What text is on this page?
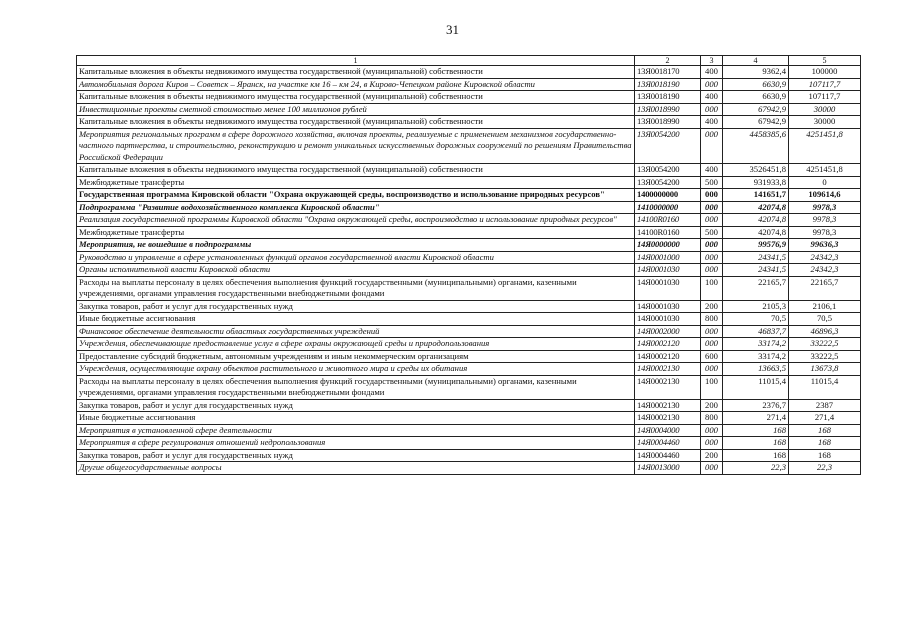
31
1	2	3	4	5
Капитальные вложения в объекты недвижимого имущества государственной (муниципальной) собственности	13Я0018170	400	9362,4	100000
Автомобильная дорога Киров – Советск – Яранск, на участке км 16 – км 24, в Кирово-Чепецком районе Кировской области	13Я0018190	000	6630,9	107117,7
Капитальные вложения в объекты недвижимого имущества государственной (муниципальной) собственности	13Я0018190	400	6630,9	107117,7
Инвестиционные проекты сметной стоимостью менее 100 миллионов рублей	13Я0018990	000	67942,9	30000
Капитальные вложения в объекты недвижимого имущества государственной (муниципальной) собственности	13Я0018990	400	67942,9	30000
Мероприятия региональных программ в сфере дорожного хозяйства, включая проекты, реализуемые с применением механизмов государственно-частного партнерства, и строительство, реконструкцию и ремонт уникальных искусственных дорожных сооружений по решениям Правительства Российской Федерации	13Я0054200	000	4458385,6	4251451,8
Капитальные вложения в объекты недвижимого имущества государственной (муниципальной) собственности	13Я0054200	400	3526451,8	4251451,8
Межбюджетные трансферты	13Я0054200	500	931933,8	0
Государственная программа Кировской области "Охрана окружающей среды, воспроизводство и использование природных ресурсов"	1400000000	000	141651,7	109614,6
Подпрограмма "Развитие водохозяйственного комплекса Кировской области"	1410000000	000	42074,8	9978,3
Реализация государственной программы Кировской области "Охрана окружающей среды, воспроизводство и использование природных ресурсов"	14100R0160	000	42074,8	9978,3
Межбюджетные трансферты	14100R0160	500	42074,8	9978,3
Мероприятия, не вошедшие в подпрограммы	14Я0000000	000	99576,9	99636,3
Руководство и управление в сфере установленных функций органов государственной власти Кировской области	14Я0001000	000	24341,5	24342,3
Органы исполнительной власти Кировской области	14Я0001030	000	24341,5	24342,3
Расходы на выплаты персоналу в целях обеспечения выполнения функций государственными (муниципальными) органами, казенными учреждениями, органами управления государственными внебюджетными фондами	14Я0001030	100	22165,7	22165,7
Закупка товаров, работ и услуг для государственных нужд	14Я0001030	200	2105,3	2106,1
Иные бюджетные ассигнования	14Я0001030	800	70,5	70,5
Финансовое обеспечение деятельности областных государственных учреждений	14Я0002000	000	46837,7	46896,3
Учреждения, обеспечивающие предоставление услуг в сфере охраны окружающей среды и природопользования	14Я0002120	000	33174,2	33222,5
Предоставление субсидий бюджетным, автономным учреждениям и иным некоммерческим организациям	14Я0002120	600	33174,2	33222,5
Учреждения, осуществляющие охрану объектов растительного и животного мира и среды их обитания	14Я0002130	000	13663,5	13673,8
Расходы на выплаты персоналу в целях обеспечения выполнения функций государственными (муниципальными) органами, казенными учреждениями, органами управления государственными внебюджетными фондами	14Я0002130	100	11015,4	11015,4
Закупка товаров, работ и услуг для государственных нужд	14Я0002130	200	2376,7	2387
Иные бюджетные ассигнования	14Я0002130	800	271,4	271,4
Мероприятия в установленной сфере деятельности	14Я0004000	000	168	168
Мероприятия в сфере регулирования отношений недропользования	14Я0004460	000	168	168
Закупка товаров, работ и услуг для государственных нужд	14Я0004460	200	168	168
Другие общегосударственные вопросы	14Я0013000	000	22,3	22,3
